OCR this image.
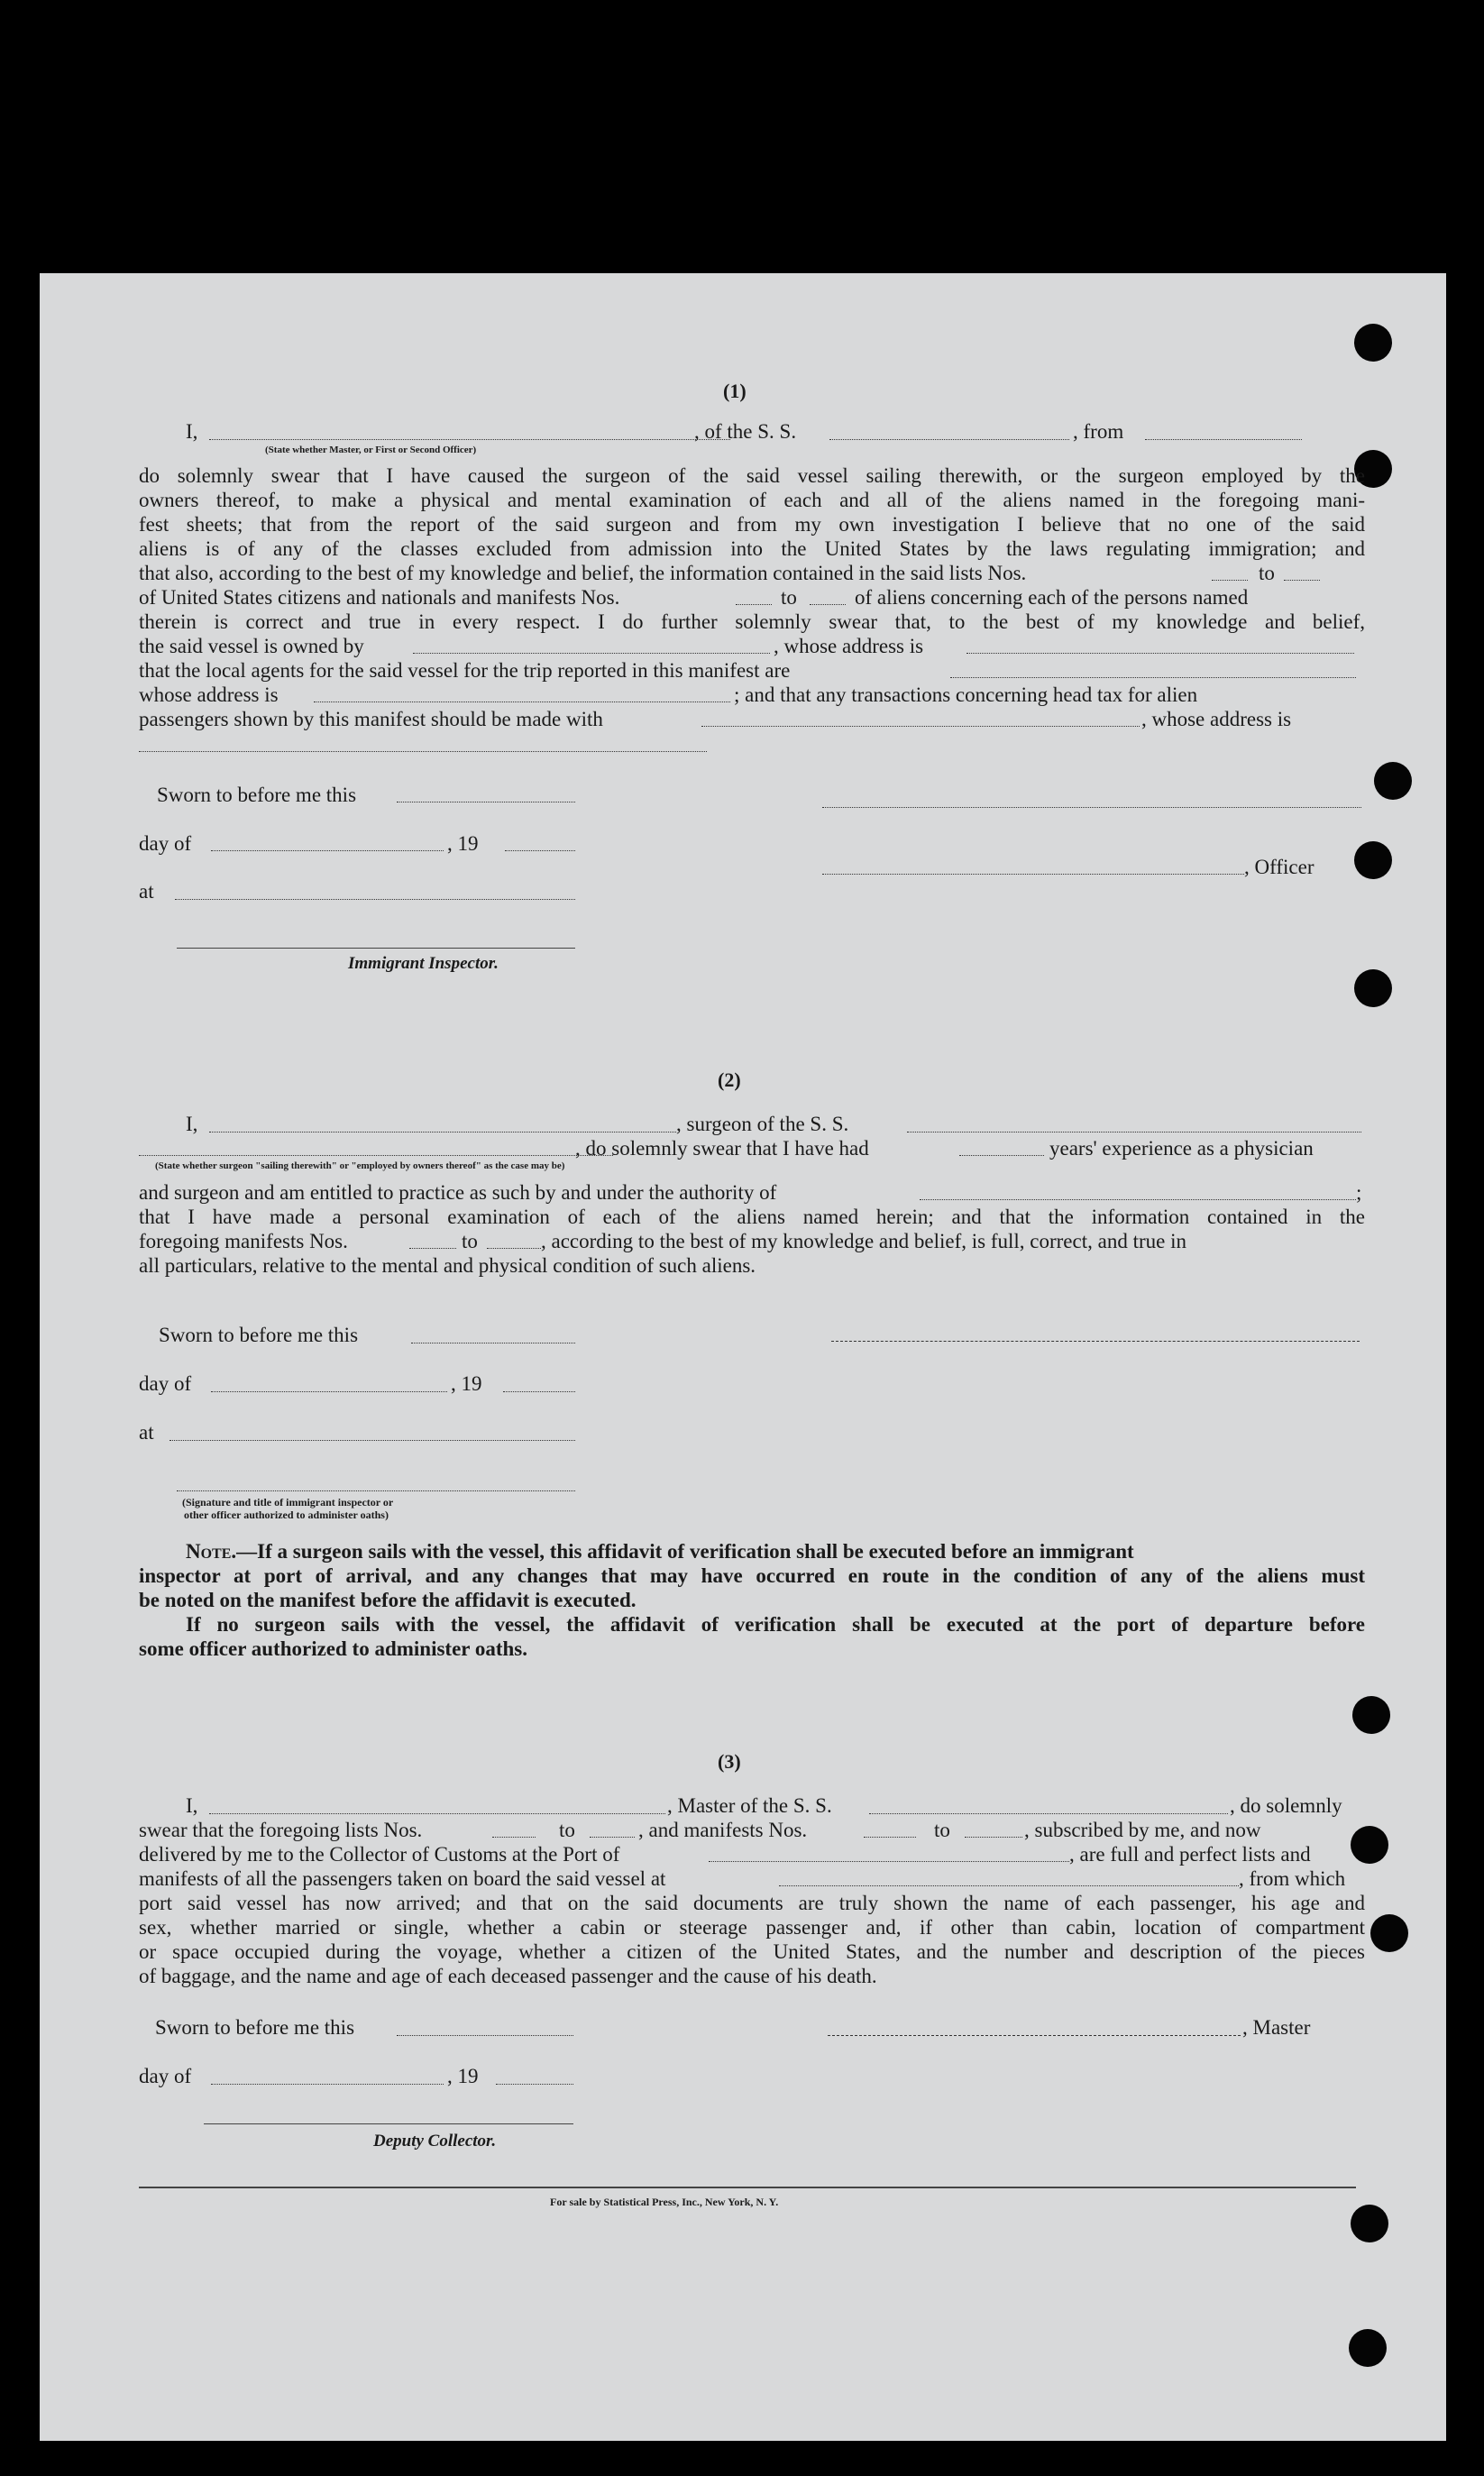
(1)
I,	, of the S. S.	, from
(State whether Master, or First or Second Officer)
do solemnly swear that I have caused the surgeon of the said vessel sailing therewith, or the surgeon employed by the
owners thereof, to make a physical and mental examination of each and all of the aliens named in the foregoing mani-
fest sheets; that from the report of the said surgeon and from my own investigation I believe that no one of the said
aliens is of any of the classes excluded from admission into the United States by the laws regulating immigration; and
that also, according to the best of my knowledge and belief, the information contained in the said lists Nos.	to
of United States citizens and nationals and manifests Nos.	to	of aliens concerning each of the persons named
therein is correct and true in every respect. I do further solemnly swear that, to the best of my knowledge and belief,
the said vessel is owned by	, whose address is
that the local agents for the said vessel for the trip reported in this manifest are
whose address is	; and that any transactions concerning head tax for alien
passengers shown by this manifest should be made with	, whose address is
Sworn to before me this
day of	, 19
, Officer
at
Immigrant Inspector.
(2)
I,	, surgeon of the S. S.
, do solemnly swear that I have had	years' experience as a physician
(State whether surgeon "sailing therewith" or "employed by owners thereof" as the case may be)
and surgeon and am entitled to practice as such by and under the authority of	;
that I have made a personal examination of each of the aliens named herein; and that the information contained in the
foregoing manifests Nos.	to	, according to the best of my knowledge and belief, is full, correct, and true in
all particulars, relative to the mental and physical condition of such aliens.
Sworn to before me this
day of	, 19
at
(Signature and title of immigrant inspector or
other officer authorized to administer oaths)
Note.—If a surgeon sails with the vessel, this affidavit of verification shall be executed before an immigrant
inspector at port of arrival, and any changes that may have occurred en route in the condition of any of the aliens must
be noted on the manifest before the affidavit is executed.
If no surgeon sails with the vessel, the affidavit of verification shall be executed at the port of departure before
some officer authorized to administer oaths.
(3)
I,	, Master of the S. S.	, do solemnly
swear that the foregoing lists Nos.	to	, and manifests Nos.	to	, subscribed by me, and now
delivered by me to the Collector of Customs at the Port of	, are full and perfect lists and
manifests of all the passengers taken on board the said vessel at	, from which
port said vessel has now arrived; and that on the said documents are truly shown the name of each passenger, his age and
sex, whether married or single, whether a cabin or steerage passenger and, if other than cabin, location of compartment
or space occupied during the voyage, whether a citizen of the United States, and the number and description of the pieces
of baggage, and the name and age of each deceased passenger and the cause of his death.
Sworn to before me this	, Master
day of	, 19
Deputy Collector.
For sale by Statistical Press, Inc., New York, N. Y.
